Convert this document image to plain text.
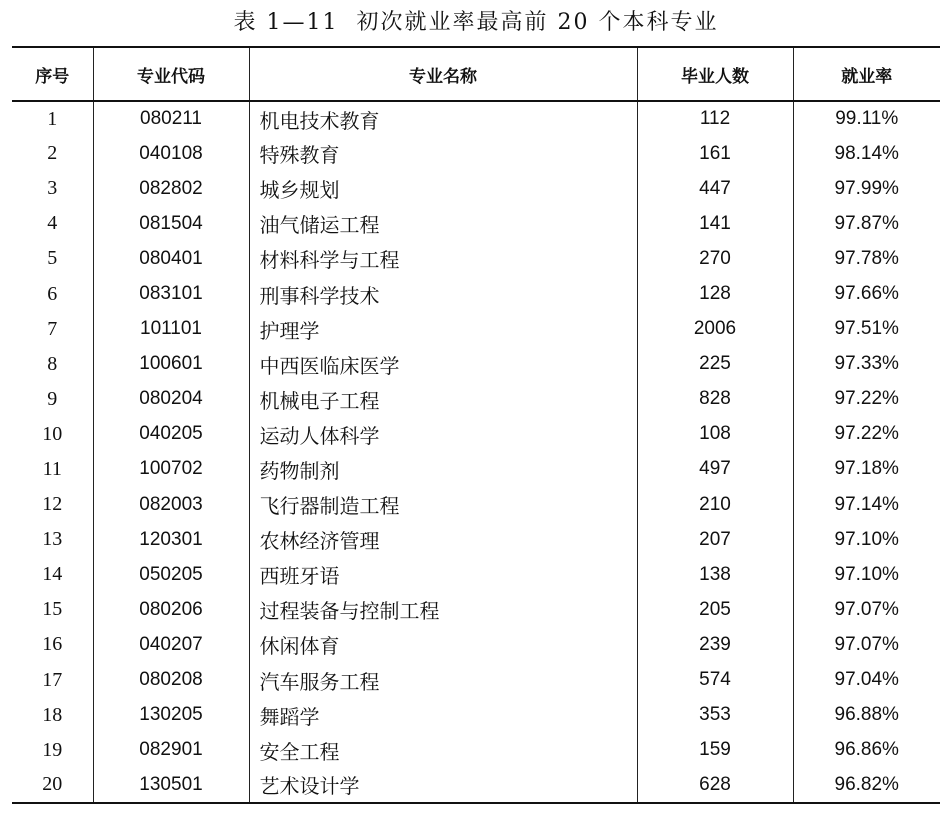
表 1—11 初次就业率最高前 20 个本科专业
序号	专业代码	专业名称	毕业人数	就业率
1	080211	机电技术教育	112	99.11%
2	040108	特殊教育	161	98.14%
3	082802	城乡规划	447	97.99%
4	081504	油气储运工程	141	97.87%
5	080401	材料科学与工程	270	97.78%
6	083101	刑事科学技术	128	97.66%
7	101101	护理学	2006	97.51%
8	100601	中西医临床医学	225	97.33%
9	080204	机械电子工程	828	97.22%
10	040205	运动人体科学	108	97.22%
11	100702	药物制剂	497	97.18%
12	082003	飞行器制造工程	210	97.14%
13	120301	农林经济管理	207	97.10%
14	050205	西班牙语	138	97.10%
15	080206	过程装备与控制工程	205	97.07%
16	040207	休闲体育	239	97.07%
17	080208	汽车服务工程	574	97.04%
18	130205	舞蹈学	353	96.88%
19	082901	安全工程	159	96.86%
20	130501	艺术设计学	628	96.82%
